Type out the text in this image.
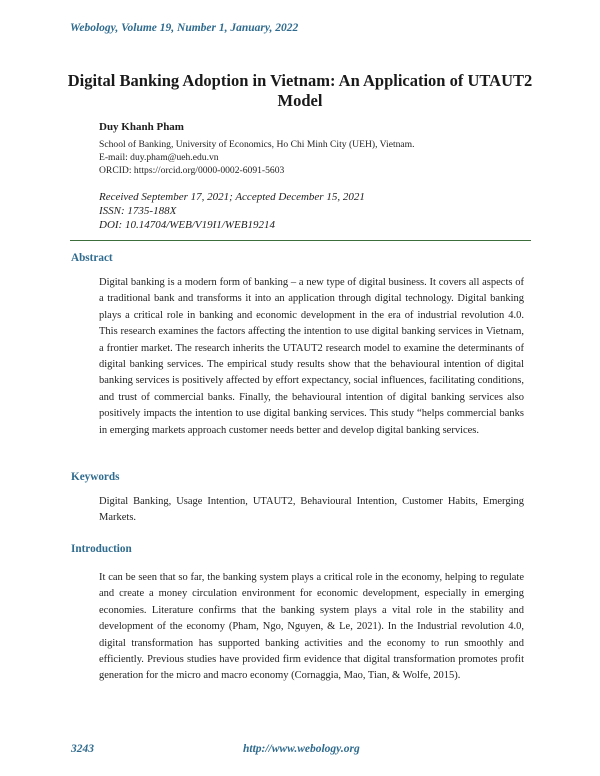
Webology, Volume 19, Number 1, January, 2022
Digital Banking Adoption in Vietnam: An Application of UTAUT2 Model
Duy Khanh Pham
School of Banking, University of Economics, Ho Chi Minh City (UEH), Vietnam.
E-mail: duy.pham@ueh.edu.vn
ORCID: https://orcid.org/0000-0002-6091-5603
Received September 17, 2021; Accepted December 15, 2021
ISSN: 1735-188X
DOI: 10.14704/WEB/V19I1/WEB19214
Abstract

Digital banking is a modern form of banking – a new type of digital business. It covers all aspects of a traditional bank and transforms it into an application through digital technology. Digital banking plays a critical role in banking and economic development in the era of industrial revolution 4.0. This research examines the factors affecting the intention to use digital banking services in Vietnam, a frontier market. The research inherits the UTAUT2 research model to examine the determinants of digital banking services. The empirical study results show that the behavioural intention of digital banking services is positively affected by effort expectancy, social influences, facilitating conditions, and trust of commercial banks. Finally, the behavioural intention of digital banking services also positively impacts the intention to use digital banking services. This study “helps commercial banks in emerging markets approach customer needs better and develop digital banking services.

Keywords

Digital Banking, Usage Intention, UTAUT2, Behavioural Intention, Customer Habits, Emerging Markets.

Introduction

It can be seen that so far, the banking system plays a critical role in the economy, helping to regulate and create a money circulation environment for economic development, especially in emerging economies. Literature confirms that the banking system plays a vital role in the stability and development of the economy (Pham, Ngo, Nguyen, & Le, 2021). In the Industrial revolution 4.0, digital transformation has supported banking activities and the economy to run smoothly and efficiently. Previous studies have provided firm evidence that digital transformation promotes profit generation for the micro and macro economy (Cornaggia, Mao, Tian, & Wolfe, 2015).

3243	http://www.webology.org
